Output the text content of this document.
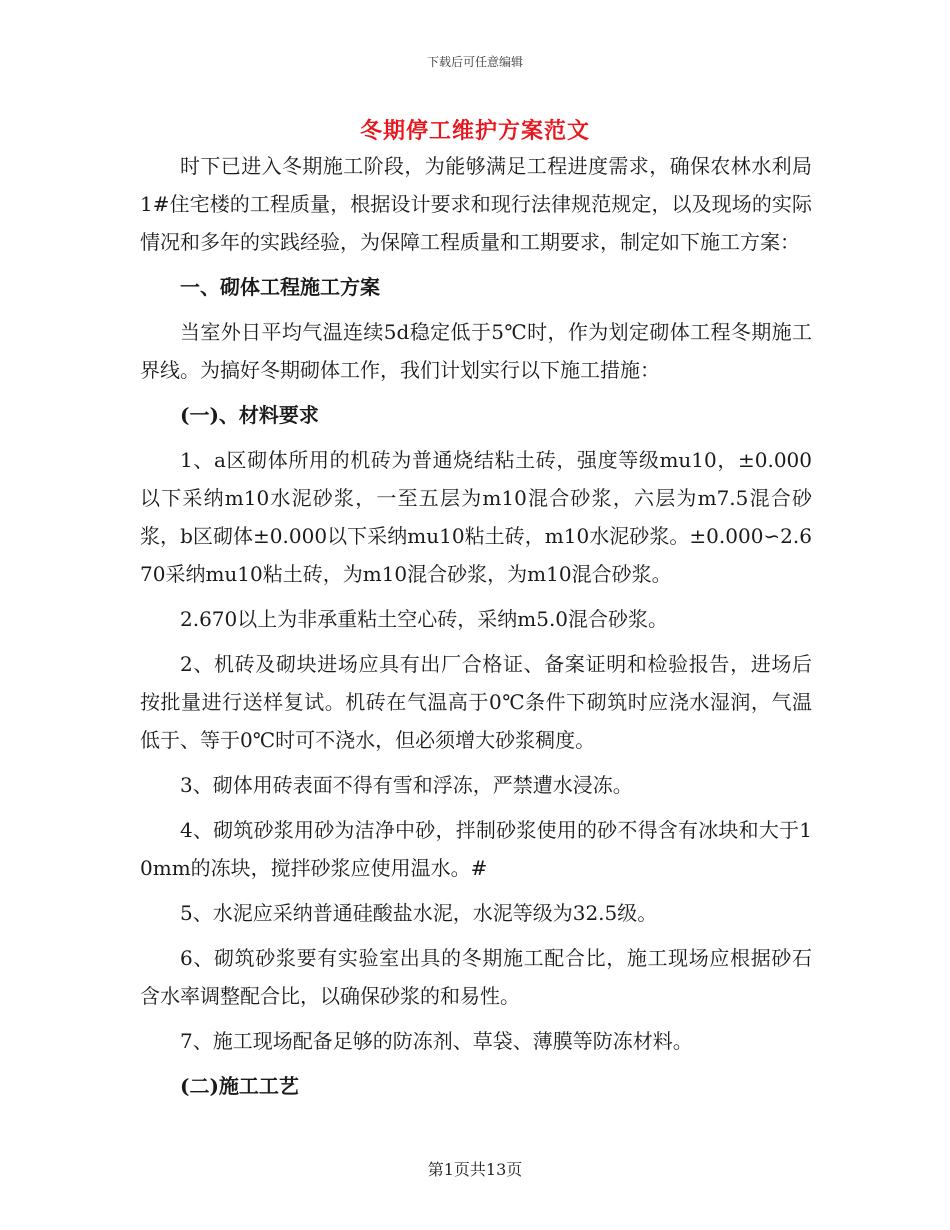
下载后可任意编辑
冬期停工维护方案范文

时下已进入冬期施工阶段，为能够满足工程进度需求，确保农林水利局1#住宅楼的工程质量，根据设计要求和现行法律规范规定，以及现场的实际情况和多年的实践经验，为保障工程质量和工期要求，制定如下施工方案：

一、砌体工程施工方案

当室外日平均气温连续5d稳定低于5℃时，作为划定砌体工程冬期施工界线。为搞好冬期砌体工作，我们计划实行以下施工措施：

(一)、材料要求

1、a区砌体所用的机砖为普通烧结粘土砖，强度等级mu10，±0.000以下采纳m10水泥砂浆，一至五层为m10混合砂浆，六层为m7.5混合砂浆，b区砌体±0.000以下采纳mu10粘土砖，m10水泥砂浆。±0.000∽2.670采纳mu10粘土砖，为m10混合砂浆，为m10混合砂浆。

2.670以上为非承重粘土空心砖，采纳m5.0混合砂浆。

2、机砖及砌块进场应具有出厂合格证、备案证明和检验报告，进场后按批量进行送样复试。机砖在气温高于0℃条件下砌筑时应浇水湿润，气温低于、等于0℃时可不浇水，但必须增大砂浆稠度。

3、砌体用砖表面不得有雪和浮冻，严禁遭水浸冻。

4、砌筑砂浆用砂为洁净中砂，拌制砂浆使用的砂不得含有冰块和大于10mm的冻块，搅拌砂浆应使用温水。#

5、水泥应采纳普通硅酸盐水泥，水泥等级为32.5级。

6、砌筑砂浆要有实验室出具的冬期施工配合比，施工现场应根据砂石含水率调整配合比，以确保砂浆的和易性。

7、施工现场配备足够的防冻剂、草袋、薄膜等防冻材料。

(二)施工工艺

第1页共13页
